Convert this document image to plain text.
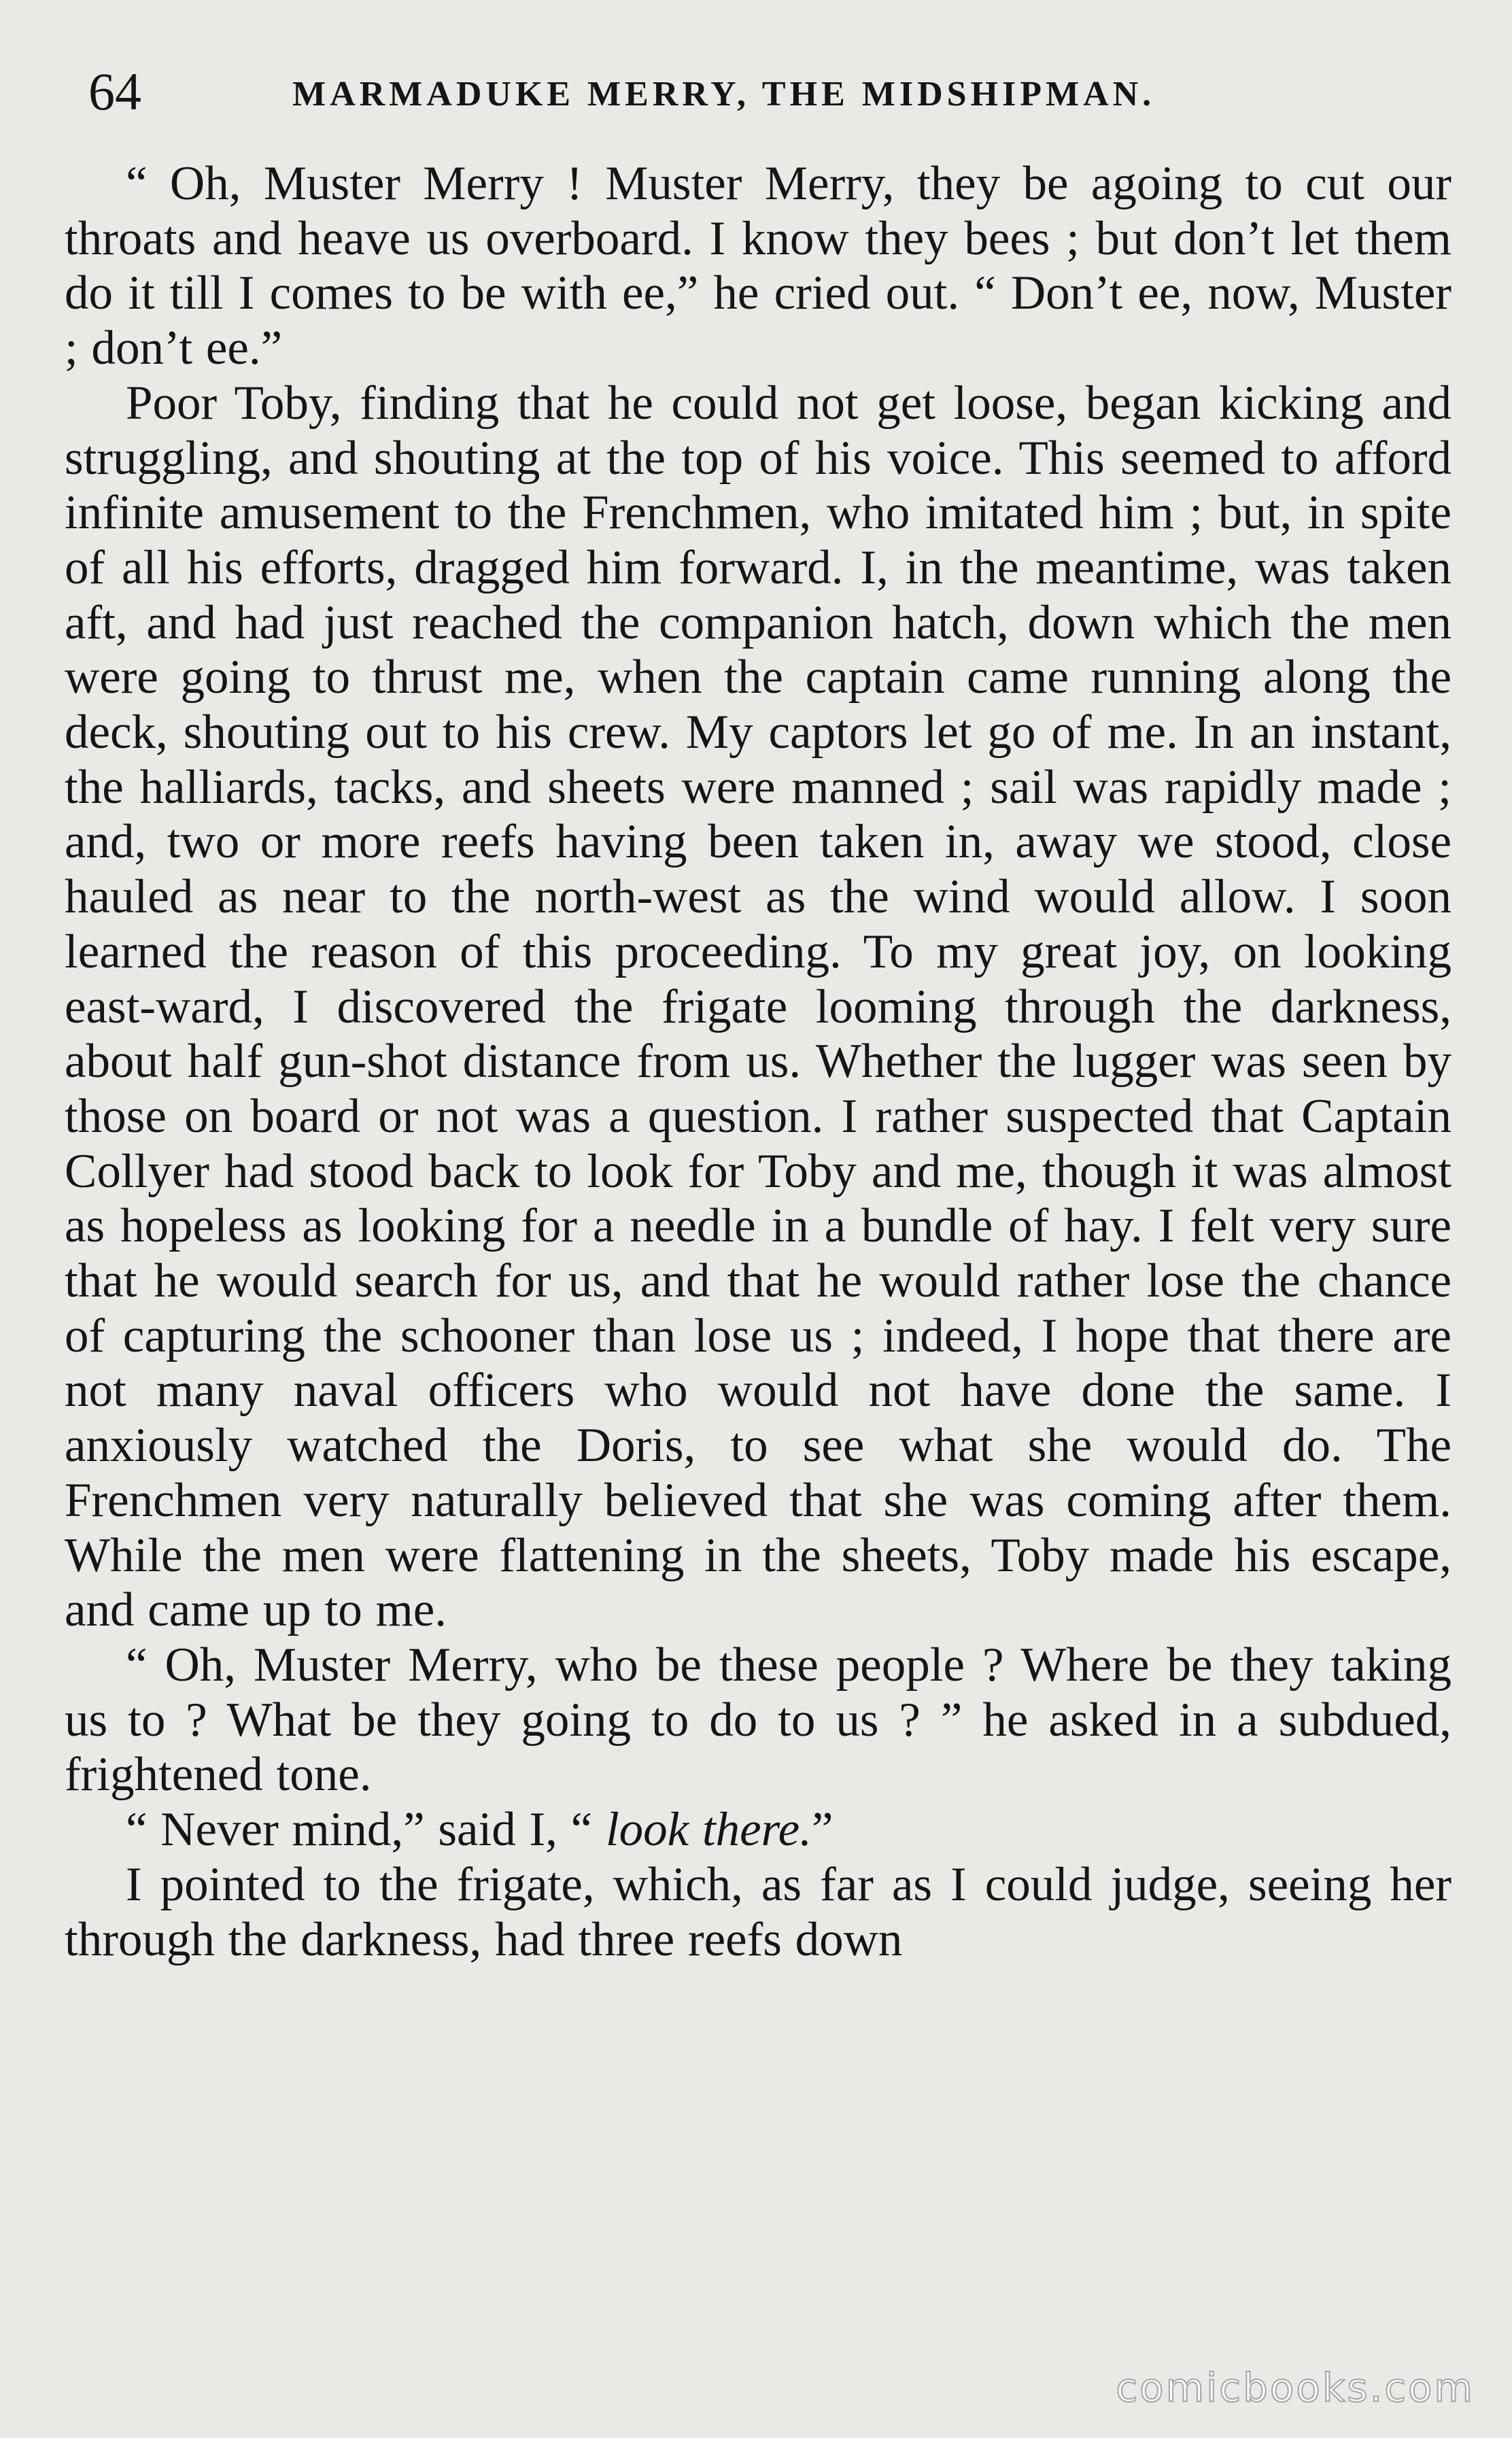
64	MARMADUKE MERRY, THE MIDSHIPMAN.

“ Oh, Muster Merry ! Muster Merry, they be agoing to cut our throats and heave us overboard. I know they bees ; but don’t let them do it till I comes to be with ee,” he cried out. “ Don’t ee, now, Muster ; don’t ee.”

Poor Toby, finding that he could not get loose, began kicking and struggling, and shouting at the top of his voice. This seemed to afford infinite amusement to the Frenchmen, who imitated him ; but, in spite of all his efforts, dragged him forward. I, in the meantime, was taken aft, and had just reached the companion hatch, down which the men were going to thrust me, when the captain came running along the deck, shouting out to his crew. My captors let go of me. In an instant, the halliards, tacks, and sheets were manned ; sail was rapidly made ; and, two or more reefs having been taken in, away we stood, close hauled as near to the north-west as the wind would allow. I soon learned the reason of this proceeding. To my great joy, on looking east-ward, I discovered the frigate looming through the darkness, about half gun-shot distance from us. Whether the lugger was seen by those on board or not was a question. I rather suspected that Captain Collyer had stood back to look for Toby and me, though it was almost as hopeless as looking for a needle in a bundle of hay. I felt very sure that he would search for us, and that he would rather lose the chance of capturing the schooner than lose us ; indeed, I hope that there are not many naval officers who would not have done the same. I anxiously watched the Doris, to see what she would do. The Frenchmen very naturally believed that she was coming after them. While the men were flattening in the sheets, Toby made his escape, and came up to me.

“ Oh, Muster Merry, who be these people ? Where be they taking us to ? What be they going to do to us ? ” he asked in a subdued, frightened tone.

“ Never mind,” said I, “ look there.”

I pointed to the frigate, which, as far as I could judge, seeing her through the darkness, had three reefs down

comicbooks.com
